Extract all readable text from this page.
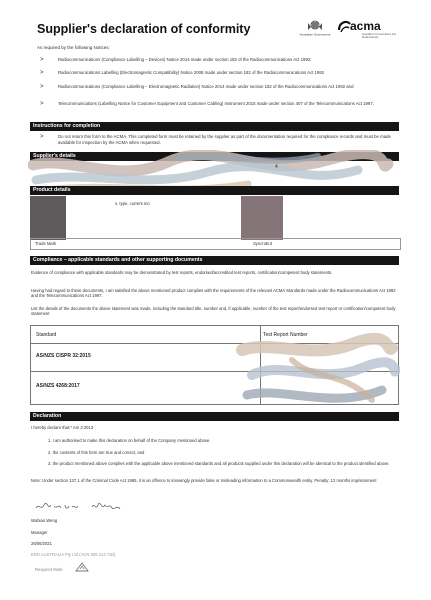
Supplier's declaration of conformity	Australian Government
acma
Australian Communications and Media Authority
As required by the following Notices:
>	Radiocommunications (Compliance Labelling – Devices) Notice 2014 made under section 182 of the Radiocommunications Act 1992;
>	Radiocommunications Labelling (Electromagnetic Compatibility) Notice 2008 made under section 182 of the Radiocommunications Act 1992
>	Radiocommunications (Compliance Labelling – Electromagnetic Radiation) Notice 2014 made under section 182 of the Radiocommunications Act 1992 and
>	Telecommunications (Labelling Notice for Customer Equipment and Customer Cabling) Instrument 2015 made under section 407 of the Telecommunications Act 1997.
Instructions for completion
>	Do not return this form to the ACMA. This completed form must be retained by the supplier as part of the documentation required for the compliance records and must be made available for inspection by the ACMA when requested.
Supplier's details
4
Product details
s, type, current mo
Trade Mark	SyncroB.it
Compliance – applicable standards and other supporting documents
Evidence of compliance with applicable standards may be demonstrated by test reports, endorsed/accredited test reports, certification/competent body statements.
Having had regard to these documents, I am satisfied the above mentioned product complies with the requirements of the relevant ACMA Standards made under the Radiocommunications Act 1992 and the Telecommunications Act 1997.
List the details of the documents the above statement was made, including the standard title, number and, if applicable, number of the test report/endorsed test report or certification/competent body statement
Standard	Test Report Number
AS/NZS CISPR 32:2015
AS/NZS 4268:2017
Declaration
I hereby declare that:* Am 2:2013
1. I am authorised to make this declaration on behalf of the Company mentioned above.
2. the contents of this form are true and correct, and
3. the product mentioned above complies with the applicable above mentioned standards and all products supplied under this declaration will be identical to the product identified above.
Note: Under section 137.1 of the Criminal Code Act 1995, it is an offence to knowingly provide false or misleading information to a Commonwealth entity. Penalty: 12 months imprisonment
Wubiao Weng
Manager
28/06/2021
ERD AUSTRALIA Pty Ltd (ACN 638 214 730)
Required Mark
